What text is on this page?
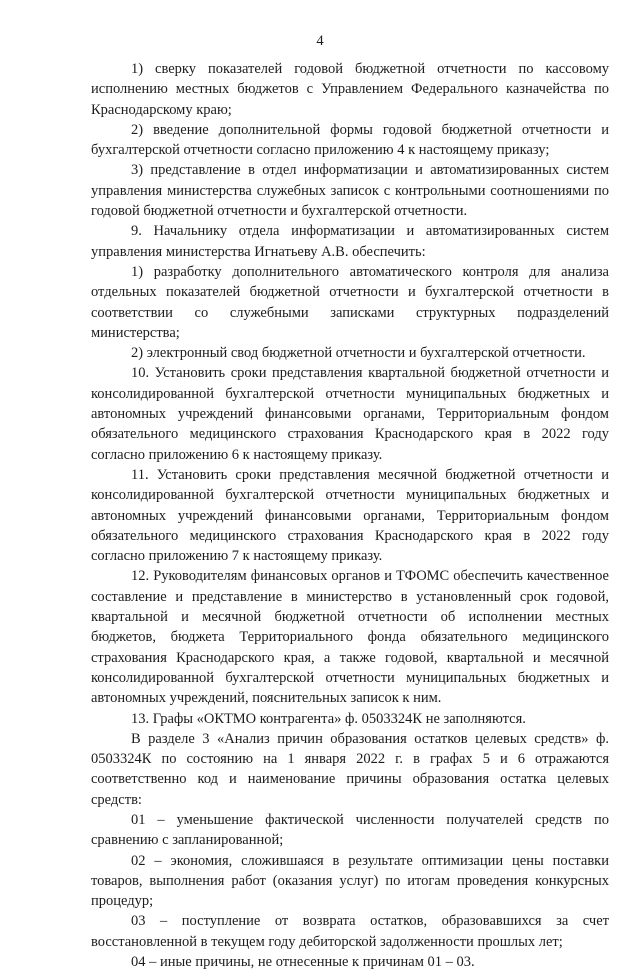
4

1) сверку показателей годовой бюджетной отчетности по кассовому исполнению местных бюджетов с Управлением Федерального казначейства по Краснодарскому краю;

2) введение дополнительной формы годовой бюджетной отчетности и бухгалтерской отчетности согласно приложению 4 к настоящему приказу;

3) представление в отдел информатизации и автоматизированных систем управления министерства служебных записок с контрольными соотношениями по годовой бюджетной отчетности и бухгалтерской отчетности.

9. Начальнику отдела информатизации и автоматизированных систем управления министерства Игнатьеву А.В. обеспечить:

1) разработку дополнительного автоматического контроля для анализа отдельных показателей бюджетной отчетности и бухгалтерской отчетности в соответствии со служебными записками структурных подразделений министерства;

2) электронный свод бюджетной отчетности и бухгалтерской отчетности.

10. Установить сроки представления квартальной бюджетной отчетности и консолидированной бухгалтерской отчетности муниципальных бюджетных и автономных учреждений финансовыми органами, Территориальным фондом обязательного медицинского страхования Краснодарского края в 2022 году согласно приложению 6 к настоящему приказу.

11. Установить сроки представления месячной бюджетной отчетности и консолидированной бухгалтерской отчетности муниципальных бюджетных и автономных учреждений финансовыми органами, Территориальным фондом обязательного медицинского страхования Краснодарского края в 2022 году согласно приложению 7 к настоящему приказу.

12. Руководителям финансовых органов и ТФОМС обеспечить качественное составление и представление в министерство в установленный срок годовой, квартальной и месячной бюджетной отчетности об исполнении местных бюджетов, бюджета Территориального фонда обязательного медицинского страхования Краснодарского края, а также годовой, квартальной и месячной консолидированной бухгалтерской отчетности муниципальных бюджетных и автономных учреждений, пояснительных записок к ним.

13. Графы «ОКТМО контрагента» ф. 0503324К не заполняются.

В разделе 3 «Анализ причин образования остатков целевых средств» ф. 0503324К по состоянию на 1 января 2022 г. в графах 5 и 6 отражаются соответственно код и наименование причины образования остатка целевых средств:

01 – уменьшение фактической численности получателей средств по сравнению с запланированной;

02 – экономия, сложившаяся в результате оптимизации цены поставки товаров, выполнения работ (оказания услуг) по итогам проведения конкурсных процедур;

03 – поступление от возврата остатков, образовавшихся за счет восстановленной в текущем году дебиторской задолженности прошлых лет;

04 – иные причины, не отнесенные к причинам 01 – 03.
